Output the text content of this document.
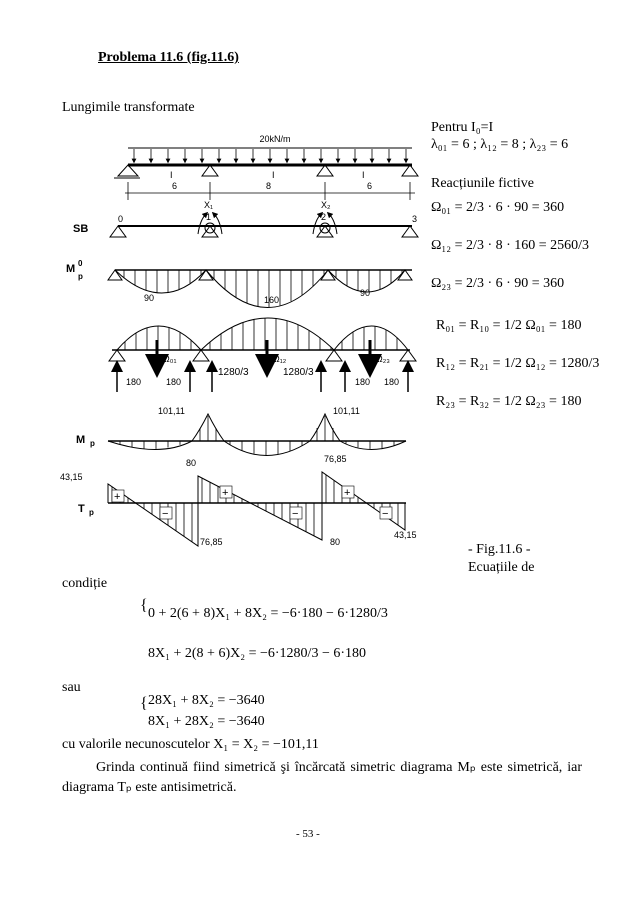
Problema 11.6 (fig.11.6)
Lungimile transformate
Pentru I₀=I
λ₀₁ = 6 ; λ₁₂ = 8 ; λ₂₃ = 6
Reacțiunile fictive
Ω₀₁ = 2/3 · 6 · 90 = 360
Ω₁₂ = 2/3 · 8 · 160 = 2560/3
Ω₂₃ = 2/3 · 6 · 90 = 360
R₀₁ = R₁₀ = 1/2 Ω₀₁ = 180
R₁₂ = R₂₁ = 1/2 Ω₁₂ = 1280/3
R₂₃ = R₃₂ = 1/2 Ω₂₃ = 180
20kN/m
I	I	I
6	8	6
SB
0	1	2	3
X₁	X₂
M 0
p
90	160
90
Ω₀₁	Ω₁₂	Ω₂₃
180	180
1280/3	1280/3
180 180
M p
101,11	101,11
T p
43,15
80
76,85
76,85
80
43,15
+
−
+
−
+
−
- Fig.11.6 -
Ecuațiile de
condiție
{ 0 + 2(6 + 8)X₁ + 8X₂ = −6·180 − 6·1280/3
8X₁ + 2(8 + 6)X₂ = −6·1280/3 − 6·180
sau
{ 28X₁ + 8X₂ = −3640
8X₁ + 28X₂ = −3640
cu valorile necunoscutelor X₁ = X₂ = −101,11
Grinda continuă fiind simetrică şi încărcată simetric diagrama Mₚ este simetrică, iar diagrama Tₚ este antisimetrică.
- 53 -
